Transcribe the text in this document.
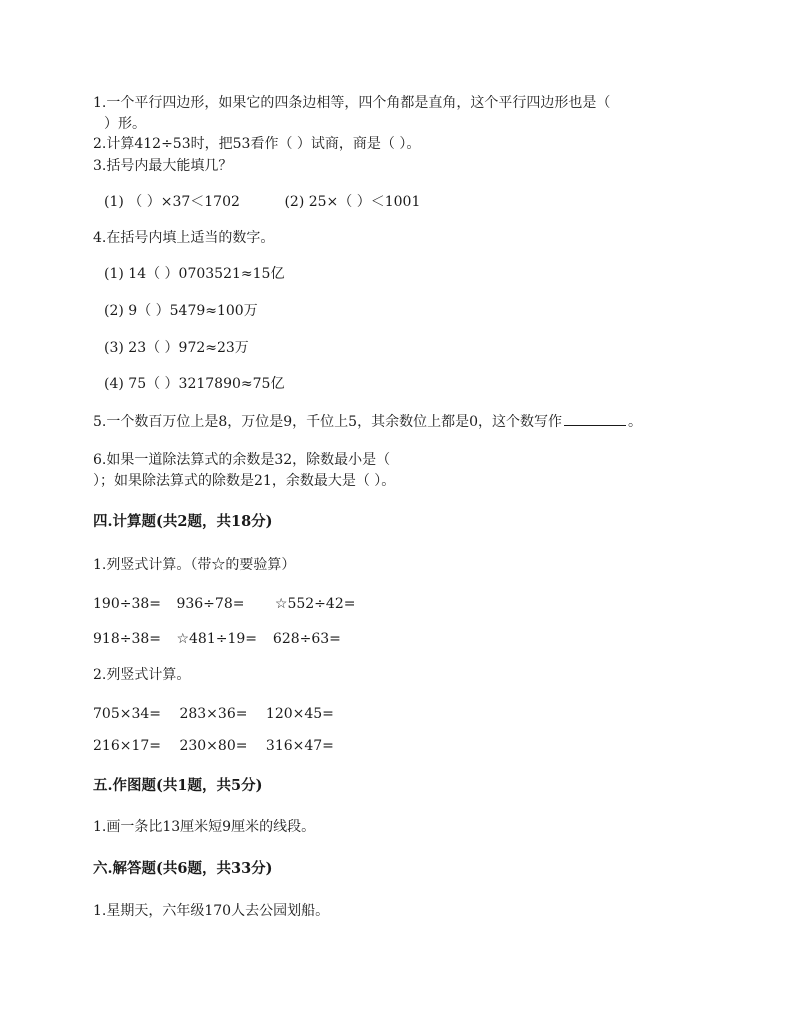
1.一个平行四边形，如果它的四条边相等，四个角都是直角，这个平行四边形也是（
）形。
2.计算412÷53时，把53看作（ ）试商，商是（ ）。
3.括号内最大能填几？
(1) （ ）×37＜1702	(2) 25×（ ）＜1001
4.在括号内填上适当的数字。
(1) 14（ ）0703521≈15亿
(2) 9（ ）5479≈100万
(3) 23（ ）972≈23万
(4) 75（ ）3217890≈75亿
5.一个数百万位上是8，万位是9，千位上5，其余数位上都是0，这个数写作	。
6.如果一道除法算式的余数是32，除数最小是（
）；如果除法算式的除数是21，余数最大是（ ）。
四.计算题(共2题，共18分)
1.列竖式计算。（带☆的要验算）
190÷38= 936÷78= ☆552÷42=
918÷38= ☆481÷19= 628÷63=
2.列竖式计算。
705×34= 283×36= 120×45=
216×17= 230×80= 316×47=
五.作图题(共1题，共5分)
1.画一条比13厘米短9厘米的线段。
六.解答题(共6题，共33分)
1.星期天，六年级170人去公园划船。
